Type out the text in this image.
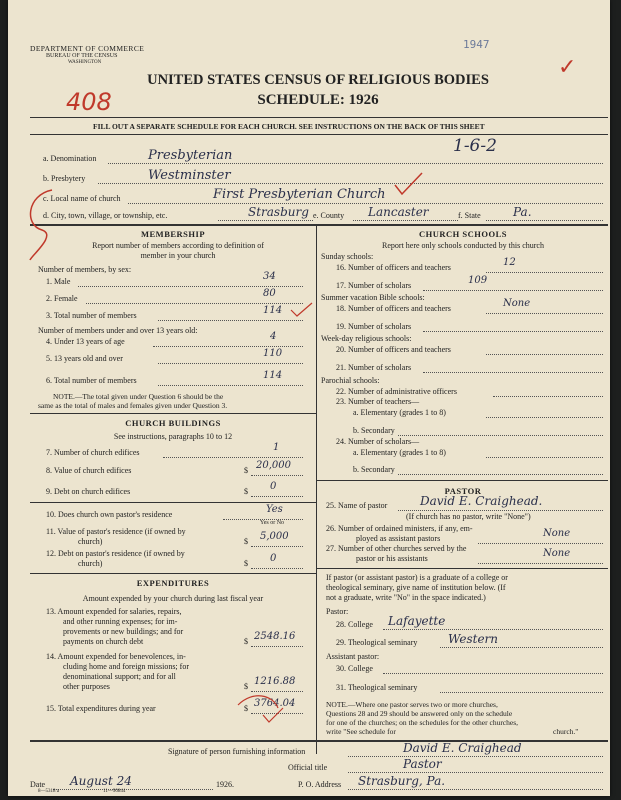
DEPARTMENT OF COMMERCE
BUREAU OF THE CENSUS
WASHINGTON
1947
408
✓
UNITED STATES CENSUS OF RELIGIOUS BODIES
SCHEDULE: 1926
FILL OUT A SEPARATE SCHEDULE FOR EACH CHURCH. SEE INSTRUCTIONS ON THE BACK OF THIS SHEET
1-6-2
a. Denomination	Presbyterian
b. Presbytery	Westminster
c. Local name of church	First Presbyterian Church
d. City, town, village, or township, etc.	Strasburg e. County Lancaster	f. State	Pa.
MEMBERSHIP
Report number of members according to definition of
member in your church
Number of members, by sex:
1. Male	34
2. Female	80
3. Total number of members	114
Number of members under and over 13 years old:
4. Under 13 years of age	4
5. 13 years old and over	110
6. Total number of members	114
NOTE.—The total given under Question 6 should be the
same as the total of males and females given under Question 3.
CHURCH BUILDINGS
See instructions, paragraphs 10 to 12
7. Number of church edifices	1
8. Value of church edifices	$ 20,000
9. Debt on church edifices	$ 0
10. Does church own pastor's residence	Yes
Yes or No
11. Value of pastor's residence (if owned by
church)	$ 5,000
12. Debt on pastor's residence (if owned by
church)	$ 0
EXPENDITURES
Amount expended by your church during last fiscal year
13. Amount expended for salaries, repairs,
and other running expenses; for im-
provements or new buildings; and for
payments on church debt	$ 2548.16
14. Amount expended for benevolences, in-
cluding home and foreign missions; for
denominational support; and for all
other purposes	$ 1216.88
15. Total expenditures during year	$ 3764.04
CHURCH SCHOOLS
Report here only schools conducted by this church
Sunday schools:
16. Number of officers and teachers	12
17. Number of scholars	109
Summer vacation Bible schools:
18. Number of officers and teachers	None
19. Number of scholars
Week-day religious schools:
20. Number of officers and teachers
21. Number of scholars
Parochial schools:
22. Number of administrative officers
23. Number of teachers—
a. Elementary (grades 1 to 8)
b. Secondary
24. Number of scholars—
a. Elementary (grades 1 to 8)
b. Secondary
PASTOR
25. Name of pastor	David E. Craighead.
(If church has no pastor, write "None")
26. Number of ordained ministers, if any, em-
ployed as assistant pastors	None
27. Number of other churches served by the
pastor or his assistants	None
If pastor (or assistant pastor) is a graduate of a college or
theological seminary, give name of institution below. (If
not a graduate, write "No" in the space indicated.)
Pastor:
28. College Lafayette
29. Theological seminary	Western
Assistant pastor:
30. College
31. Theological seminary
NOTE.—Where one pastor serves two or more churches,
Questions 28 and 29 should be answered only on the schedule
for one of the churches; on the schedules for the other churches,
write "See schedule for	church."
Signature of person furnishing information	David E. Craighead
Official title	Pastor
Date August 24	1926.	P. O. Address Strasburg, Pa.
8—5318 a	11—90844
